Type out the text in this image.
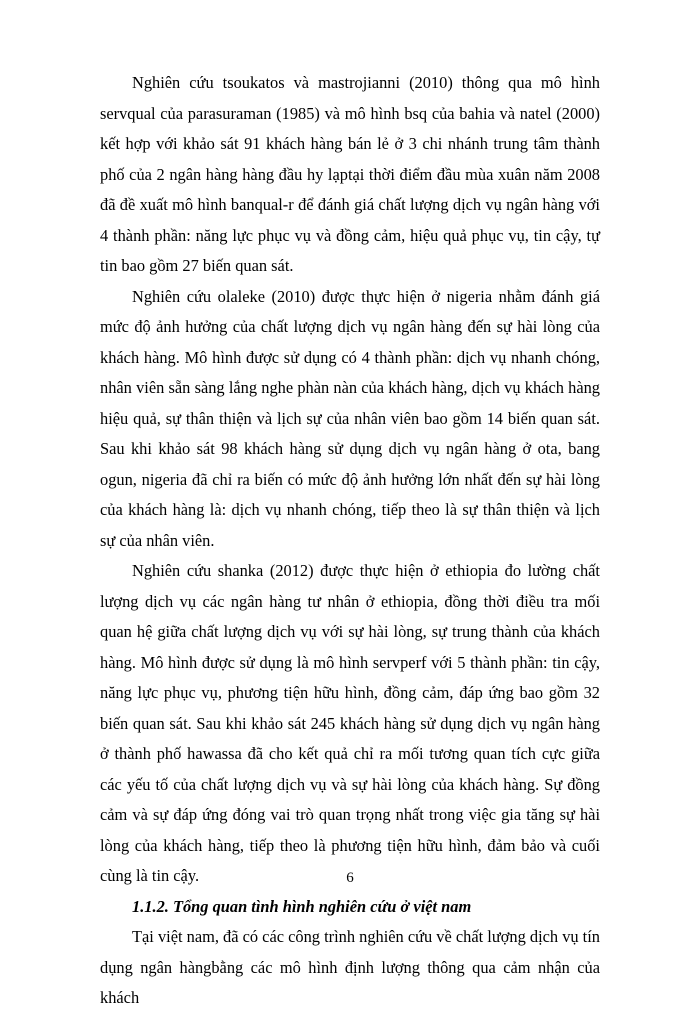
Nghiên cứu tsoukatos và mastrojianni (2010) thông qua mô hình servqual của parasuraman (1985) và mô hình bsq của bahia và natel (2000) kết hợp với khảo sát 91 khách hàng bán lẻ ở 3 chi nhánh trung tâm thành phố của 2 ngân hàng hàng đầu hy lạptại thời điểm đầu mùa xuân năm 2008 đã đề xuất mô hình banqual-r để đánh giá chất lượng dịch vụ ngân hàng với 4 thành phần: năng lực phục vụ và đồng cảm, hiệu quả phục vụ, tin cậy, tự tin bao gồm 27 biến quan sát.

Nghiên cứu olaleke (2010) được thực hiện ở nigeria nhằm đánh giá mức độ ảnh hưởng của chất lượng dịch vụ ngân hàng đến sự hài lòng của khách hàng. Mô hình được sử dụng có 4 thành phần: dịch vụ nhanh chóng, nhân viên sẵn sàng lắng nghe phàn nàn của khách hàng, dịch vụ khách hàng hiệu quả, sự thân thiện và lịch sự của nhân viên bao gồm 14 biến quan sát. Sau khi khảo sát 98 khách hàng sử dụng dịch vụ ngân hàng ở ota, bang ogun, nigeria đã chỉ ra biến có mức độ ảnh hưởng lớn nhất đến sự hài lòng của khách hàng là: dịch vụ nhanh chóng, tiếp theo là sự thân thiện và lịch sự của nhân viên.

Nghiên cứu shanka (2012) được thực hiện ở ethiopia đo lường chất lượng dịch vụ các ngân hàng tư nhân ở ethiopia, đồng thời điều tra mối quan hệ giữa chất lượng dịch vụ với sự hài lòng, sự trung thành của khách hàng. Mô hình được sử dụng là mô hình servperf với 5 thành phần: tin cậy, năng lực phục vụ, phương tiện hữu hình, đồng cảm, đáp ứng bao gồm 32 biến quan sát. Sau khi khảo sát 245 khách hàng sử dụng dịch vụ ngân hàng ở thành phố hawassa đã cho kết quả chỉ ra mối tương quan tích cực giữa các yếu tố của chất lượng dịch vụ và sự hài lòng của khách hàng. Sự đồng cảm và sự đáp ứng đóng vai trò quan trọng nhất trong việc gia tăng sự hài lòng của khách hàng, tiếp theo là phương tiện hữu hình, đảm bảo và cuối cùng là tin cậy.

1.1.2. Tổng quan tình hình nghiên cứu ở việt nam

Tại việt nam, đã có các công trình nghiên cứu về chất lượng dịch vụ tín dụng ngân hàngbằng các mô hình định lượng thông qua cảm nhận của khách

6
